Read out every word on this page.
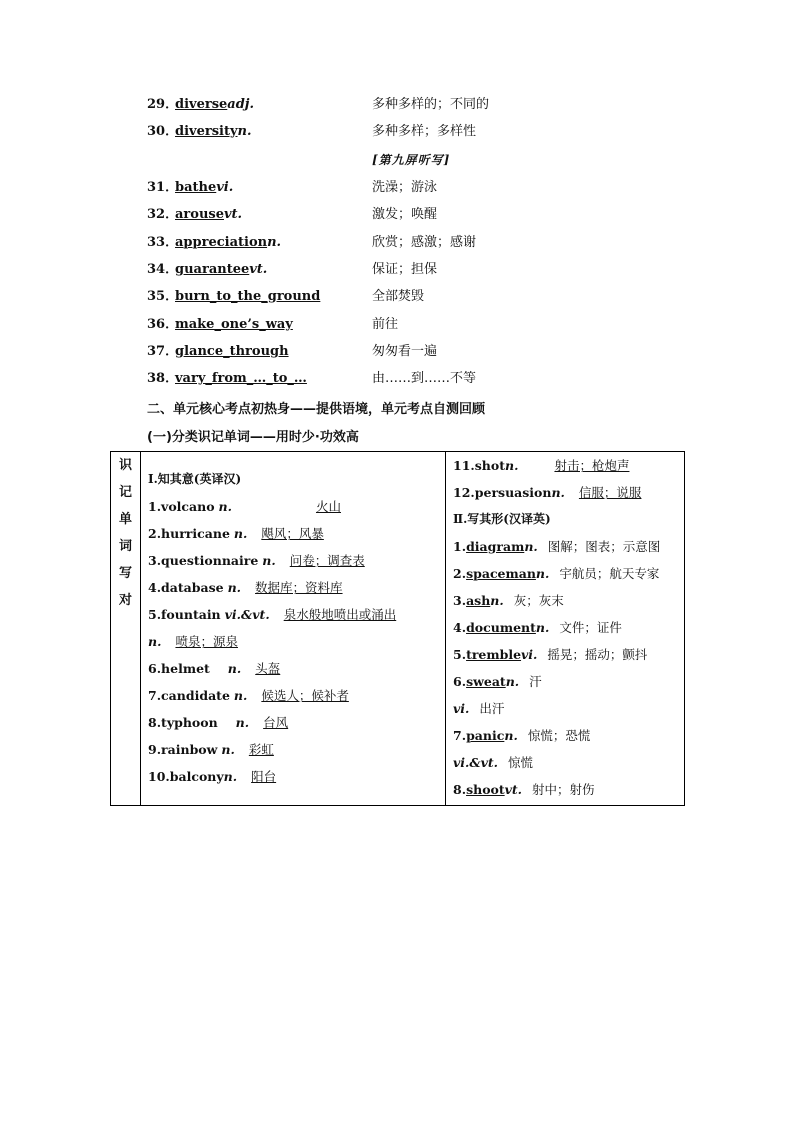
29．diverseadj.	多种多样的；不同的
30．diversityn.	多种多样；多样性
31．bathevi.	洗澡；游泳
32．arousevt.	激发；唤醒
33．appreciationn.	欣赏；感激；感谢
34．guaranteevt.	保证；担保
35．burn_to_the_ground	全部焚毁
36．make_one’s_way	前往
37．glance_through	匆匆看一遍
38．vary_from_…_to_…	由……到……不等
[第九屏听写]
二、单元核心考点初热身——提供语境，单元考点自测回顾
(一)分类识记单词——用时少·功效高
识
记
单
词
写
对

Ⅰ.知其意(英译汉)
1.volcano n.	火山
2.hurricane n. 飓风；风暴
3.questionnaire n. 问卷；调查表
4.database n. 数据库；资料库
5.fountain vi.&vt. 泉水般地喷出或涌出
n. 喷泉；源泉
6.helmet n. 头盔
7.candidate n. 候选人；候补者
8.typhoon n. 台风
9.rainbow n. 彩虹
10.balconyn. 阳台

11.shotn.	射击；枪炮声
12.persuasionn. 信服；说服
Ⅱ.写其形(汉译英)
1.diagramn. 图解；图表；示意图
2.spacemann. 宇航员；航天专家
3.ashn. 灰；灰末
4.documentn. 文件；证件
5.tremblevi. 摇晃；摇动；颤抖
6.sweatn. 汗
vi. 出汗
7.panicn. 惊慌；恐慌
vi.&vt. 惊慌
8.shootvt. 射中；射伤
